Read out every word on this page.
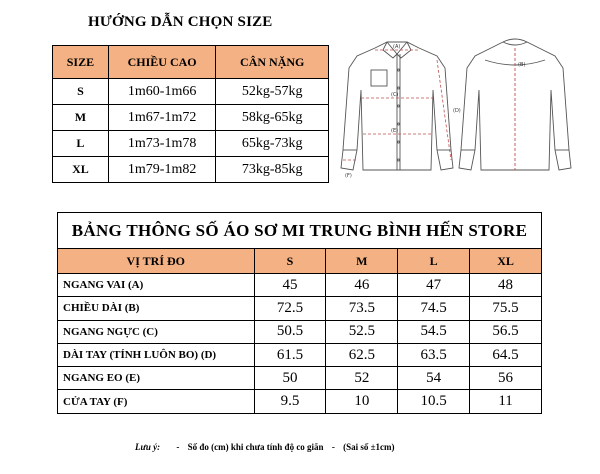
HƯỚNG DẪN CHỌN SIZE
SIZE	CHIỀU CAO	CÂN NẶNG
S	1m60-1m66	52kg-57kg
M	1m67-1m72	58kg-65kg
L	1m73-1m78	65kg-73kg
XL	1m79-1m82	73kg-85kg
(A)
(B)
(C)
(D)
(E)
(F)
BẢNG THÔNG SỐ ÁO SƠ MI TRUNG BÌNH HẾN STORE				
VỊ TRÍ ĐO	S	M	L	XL
NGANG VAI (A)	45	46	47	48
CHIỀU DÀI (B)	72.5	73.5	74.5	75.5
NGANG NGỰC (C)	50.5	52.5	54.5	56.5
DÀI TAY (TÍNH LUÔN BO) (D)	61.5	62.5	63.5	64.5
NGANG EO (E)	50	52	54	56
CỬA TAY (F)	9.5	10	10.5	11
Lưu ý: - Số đo (cm) khi chưa tính độ co giãn - (Sai số ±1cm)
